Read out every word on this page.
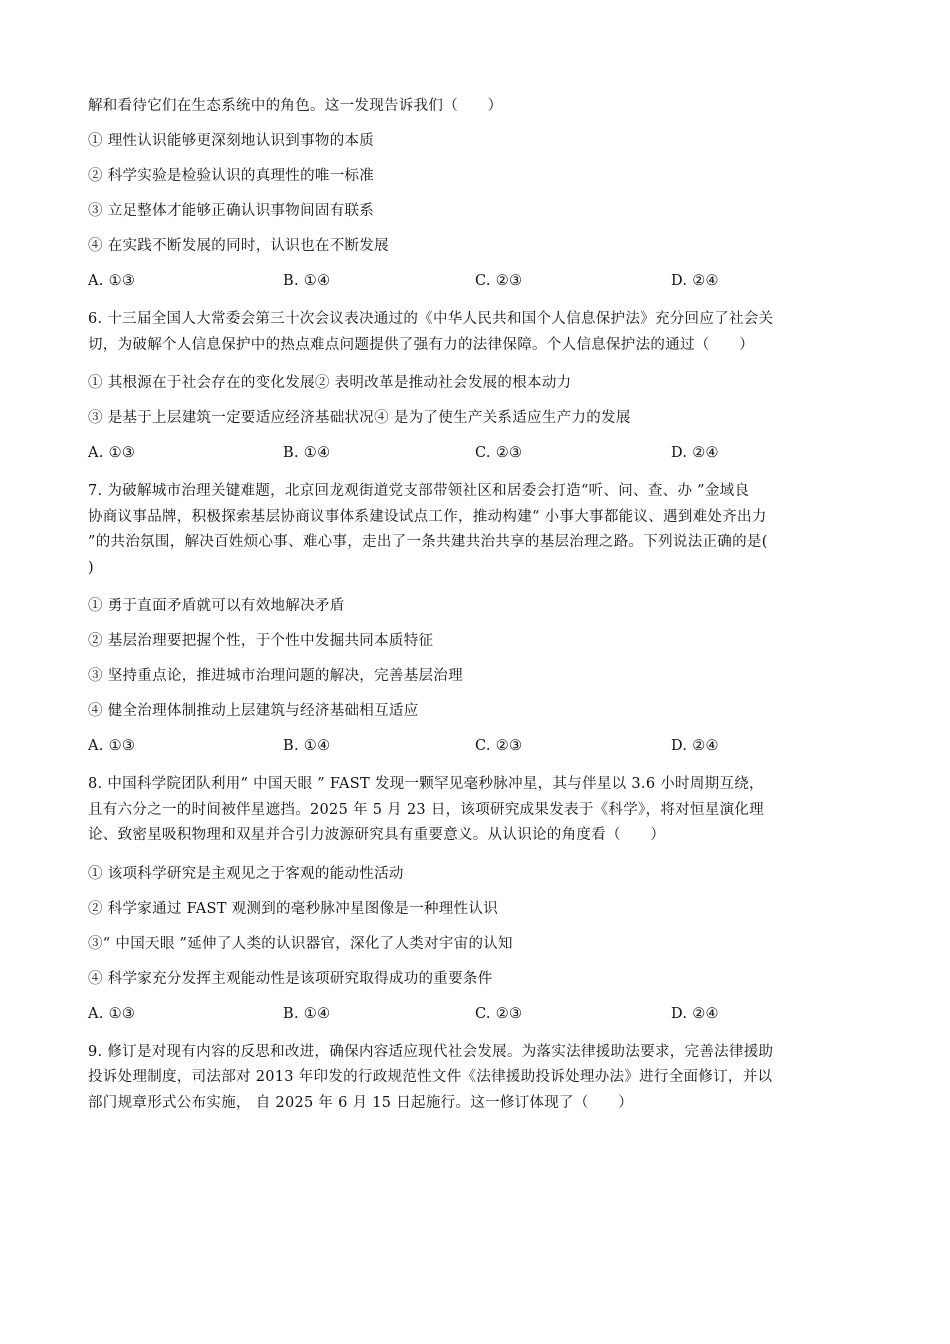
解和看待它们在生态系统中的角色。这一发现告诉我们（　　）
① 理性认识能够更深刻地认识到事物的本质
② 科学实验是检验认识的真理性的唯一标准
③ 立足整体才能够正确认识事物间固有联系
④ 在实践不断发展的同时，认识也在不断发展
A. ①③	B. ①④	C. ②③	D. ②④
6. 十三届全国人大常委会第三十次会议表决通过的《中华人民共和国个人信息保护法》充分回应了社会关
切，为破解个人信息保护中的热点难点问题提供了强有力的法律保障。个人信息保护法的通过（　　）
① 其根源在于社会存在的变化发展② 表明改革是推动社会发展的根本动力
③ 是基于上层建筑一定要适应经济基础状况④ 是为了使生产关系适应生产力的发展
A. ①③	B. ①④	C. ②③	D. ②④
7. 为破解城市治理关键难题，北京回龙观街道党支部带领社区和居委会打造“听、问、查、办 ”金域良
协商议事品牌，积极探索基层协商议事体系建设试点工作，推动构建“ 小事大事都能议、遇到难处齐出力
”的共治氛围，解决百姓烦心事、难心事，走出了一条共建共治共享的基层治理之路。下列说法正确的是(
)
① 勇于直面矛盾就可以有效地解决矛盾
② 基层治理要把握个性，于个性中发掘共同本质特征
③ 坚持重点论，推进城市治理问题的解决，完善基层治理
④ 健全治理体制推动上层建筑与经济基础相互适应
A. ①③	B. ①④	C. ②③	D. ②④
8. 中国科学院团队利用“ 中国天眼 ” FAST 发现一颗罕见毫秒脉冲星，其与伴星以 3.6 小时周期互绕，
且有六分之一的时间被伴星遮挡。2025 年 5 月 23 日，该项研究成果发表于《科学》，将对恒星演化理
论、致密星吸积物理和双星并合引力波源研究具有重要意义。从认识论的角度看（　　）
① 该项科学研究是主观见之于客观的能动性活动
② 科学家通过 FAST 观测到的毫秒脉冲星图像是一种理性认识
③“ 中国天眼 ”延伸了人类的认识器官，深化了人类对宇宙的认知
④ 科学家充分发挥主观能动性是该项研究取得成功的重要条件
A. ①③	B. ①④	C. ②③	D. ②④
9. 修订是对现有内容的反思和改进，确保内容适应现代社会发展。为落实法律援助法要求，完善法律援助
投诉处理制度，司法部对 2013 年印发的行政规范性文件《法律援助投诉处理办法》进行全面修订，并以
部门规章形式公布实施， 自 2025 年 6 月 15 日起施行。这一修订体现了（　　）
